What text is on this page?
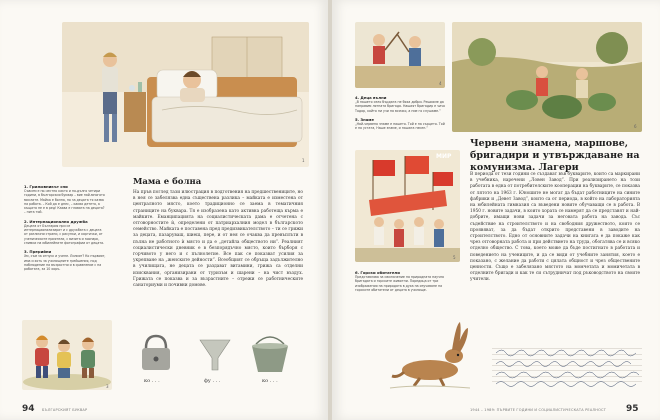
1
1. Грижовникът сни
Съвсем е по-честно както и по-дълго четири години, в българския буквар – вие най-многото мислите. Майка е болна, но за децата тя казва на работа. – Кой да е днес, – каква детето, а къщата не е в ред! Каква е главата на децата? – пита той.
2. Интернационално дружба
Децата от България при се интернационализират и с дружбата с децата от различни страни, с рисунки, и картички, от ученическите приятели, с визита и зоопарк, снимки на юбилейните фотографии от децата.
3. Прерийни
Хм, съм за отпуск и учене. Лилият? Ко първият, има и хоть за училищните грейшения, под наблюдение на възрастни и в сравнение с на работата, за 10 хоръ.
3
Мама е болна
На пръв поглед тази илюстрация в подготвения на предшествениците, но в нея се забелязва една съществена разлика – майката е изместена от централното място, което традиционно се заема в тематичния страниците на буквара. Тя е изобразена като активна работеща кърма е майките. Еманципацията на социалистическата дама е отчетена с отговорностите ѝ, определени от патриархалния модел в българското семейство. Майката е поставена пред предизвикателството – ти се грижи за децата, пазаруваш, шиеш, пере, и от нея се очаква да превъплъти в пълна не работното ѝ място и да е „детайла обществото ни”. Реалният социалистически дневник е в безпорядъчно място, които бърборя с горчивото у него и с пълнолетие. Все пак се показват усилия за укрепване на „женските дейности”. Всеобщият се обръща задължително в училищата, не децата се раздават витамини, грижа са отделни изисквания, организирани от туризъм и шарени – на чист въздух. Грижата се показва и за възрастните – отрежи се работническите санаториуми и почивни домове.
ко . . .	фу . . .	ко . . .
94 БЪЛГАРСКИЯТ БУКВАР
4
6
4. Деца вълни
„В нашето село бърдата не бяха добри. Решихме да направим лятната бригада. Нашият бригадир е чичо Тодор, който ни учи на всичко, а ние го слушаме.”
5. Знаме
„Най-червено знаме е нашето. Той е на сърцето. Той е на устата, Наше знаме, и нашата песен.”
5
МИР
6. Горски обитатели
Представлява за изключение на природната научна бригадата и горските животни. Поредица от три изображения на природата в духа на изучаване на горските обитатели от децата в училище.
Червени знамена, маршове, бригадири и утвърждаване на комунизма. Лагери
В периода от тези години се създават във букварите, които са маркирани в учебника, наречени „Ловен Завод”. При реализирането на този работата в една от потребителските кооперации на букварите, се показва от лятото на 1963 г. Юношите не могат да бъдат работниците на сините фабрики и „Девет Завод”, които са от периода, в който на лабораторията на юбилейната гимназия са въведени новите обучаващи се в работа. В 1950 г. новите задачи, в които хората се намерят да се представят и най-добрите, имащи нови задачи за неговата работа на завода. Със съдействие на строителството и на свободния дружеството, които се проявяват, за да бъдат открито представени в заводите на строителството. Едно от основните задачи на книгата е да покаже как чрез отговорната работа и при действието на труда, обогатява се и всяко отделно общество. С това, което може да бъде постигнато в работата и поведението на учениците, и да се види от учебните занятия, което е показано, с желание да работи с цялата общност и чрез обществените ценности. Също е забелязано мястото на момчетата и момичетата в отделните бригади и как те си сътрудничат под ръководството на своите учители.
1944 – 1989: ПЪРВИТЕ ГОДИНИ И СОЦИАЛИСТИЧЕСКАТА РЕАЛНОСТ 95
